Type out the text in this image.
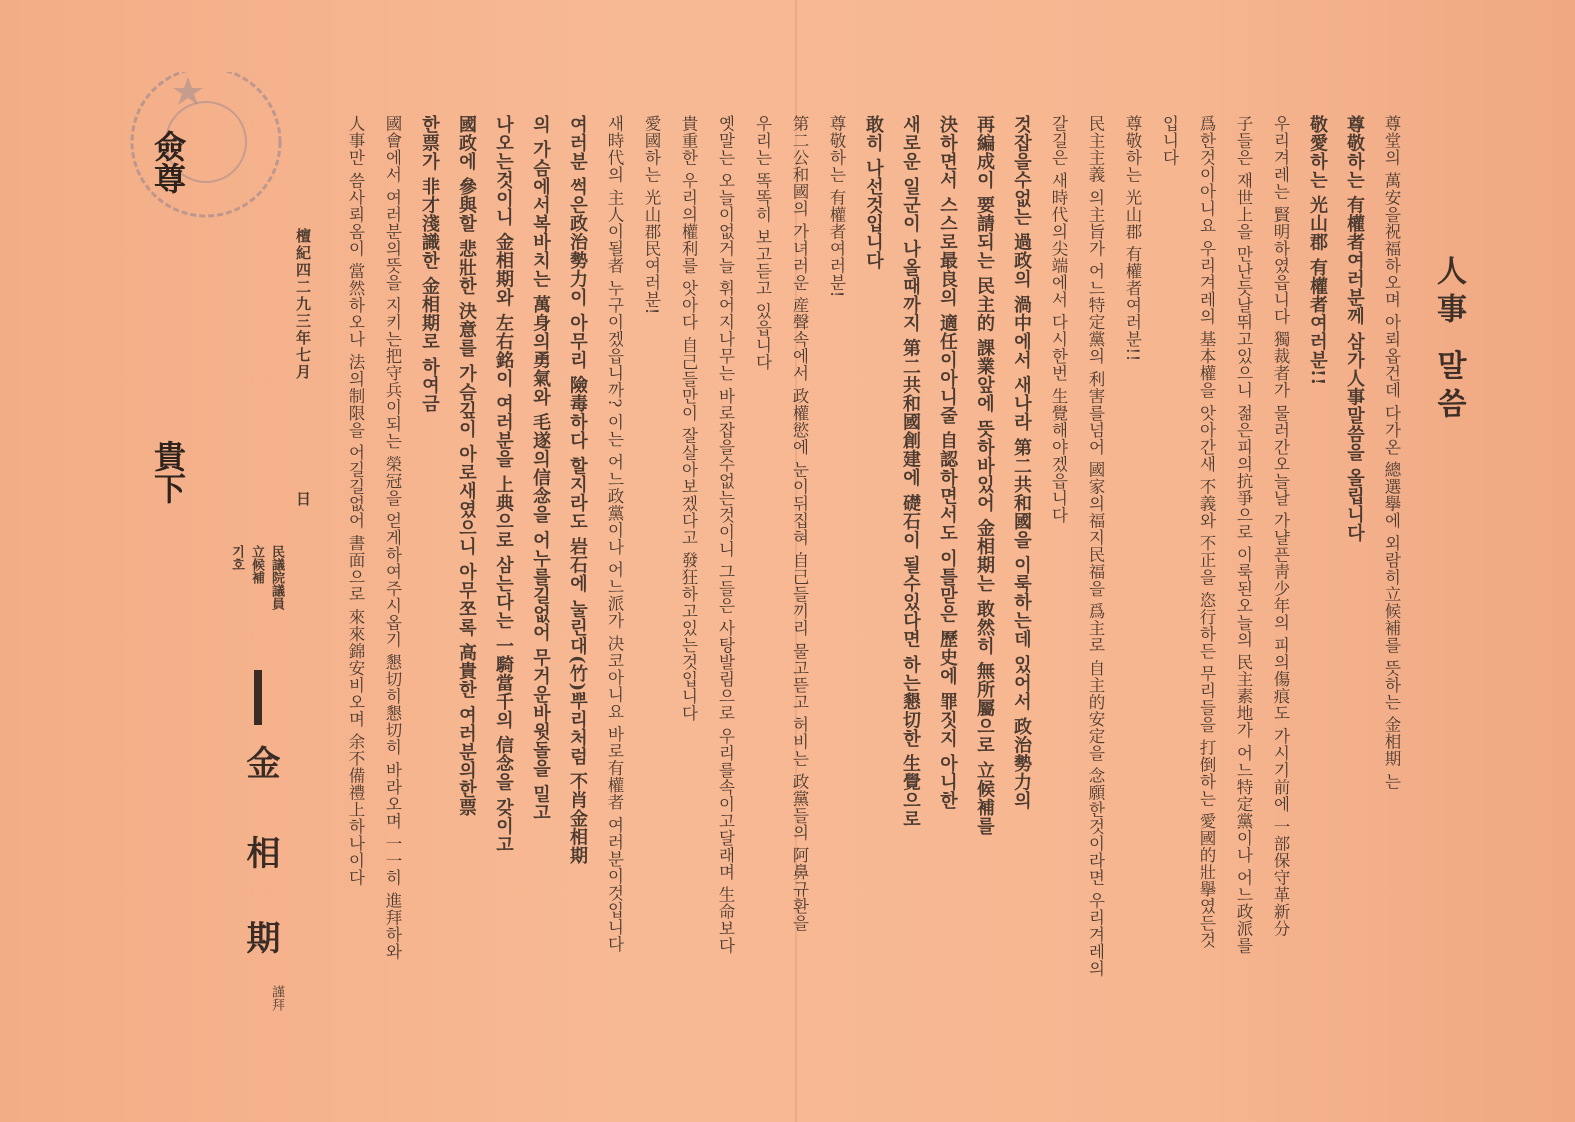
人事 말씀
尊堂의 萬安을祝福하오며 아뢰옵건데 다가온 總選擧에 외람히立候補를 뜻하는 金相期 는
尊敬하는 有權者여러분께 삼가人事말씀을 올립니다
敬愛하는 光山郡 有權者여러분!!
우리겨레는 賢明하였읍니다 獨裁者가 물러간오늘날 가냘픈靑少年의 피의傷痕도 가시기前에 一部保守革新分
子들은 재世上을 만난듯날뛰고있으니 젊은피의抗爭으로 이룩된오늘의 民主素地가 어느特定黨이나 어느政派를
爲한것이아니요 우리겨레의 基本權을 앗아간새 不義와 不正을 恣行하든 무리들을 打倒하는 愛國的壯擧였든것
입니다
尊敬하는 光山郡 有權者여러분!!
民主主義 의主旨가 어느特定黨의 利害를넘어 國家의福지民福을 爲主로 自主的安定을 念願한것이라면 우리겨레의
갈길은 새時代의尖端에서 다시한번 生覺해야겠읍니다
것잡을수없는 過政의 渦中에서 새나라 第二共和國을 이룩하는데 있어서 政治勢力의
再編成이 要請되는 民主的 課業앞에 뜻하바있어 金相期는 敢然히 無所屬으로 立候補를
決하면서 스스로最良의 適任이아니줄 自認하면서도 이틀맏은 歷史에 罪짓지 아니한
새로운 일군이 나올때까지 第二共和國創建에 礎石이 될수있다면 하는懇切한 生覺으로
敢히 나선것입니다
尊敬하는 有權者여러분!
第二公和國의 가녀러운 産聲속에서 政權慾에 눈이뒤집혀 自己들끼리 물고뜯고 허비는 政黨들의 阿鼻규환을
우리는 똑똑히 보고듣고 있읍니다
옛말는 오늘이없거늘 휘어지나무는 바로잡을수없는것이니 그들은 사탕발림으로 우리를속이고달래며 生命보다
貴重한 우리의權利를 앗아다 自己들만이 잘살아보겠다고 發狂하고있는것입니다
愛國하는 光山郡民여러분!
새時代의 主人이될者 누구이겠읍니까? 이는 어느政黨이나 어느派가 决코아니요 바로有權者 여러분이것입니다
여러분 썩은政治勢力이 아무리 險毒하다 할지라도 岩石에 눌린대(竹)뿌리처럼 不肖金相期
의 가슴에서복바치는 萬身의勇氣와 毛遂의信念을 어누를길없어 무거운바윗돌을 밀고
나오는것이니 金相期와 左右銘이 여러분을 上典으로 삼는다는 一騎當千의 信念을 갖이고
國政에 參與할 悲壯한 決意를 가슴깊이 아로새였으니 아무쪼록 高貴한 여러분의한票
한票가 非才淺識한 金相期로 하여금
國會에서 여러분의뜻을 지키는把守兵이되는 榮冠을 얻게하여주시옵기 懇切히懇切히 바라오며 一一히 進拜하와
人事만 씀사뢰옴이 當然하오나 法의制限을 어길길없어 書面으로 來來錦安비오며 余不備禮上하나이다
檀紀四二九三年七月日
民議院議員
立候補
기호
金
相
期
謹拜
僉尊
貴下
